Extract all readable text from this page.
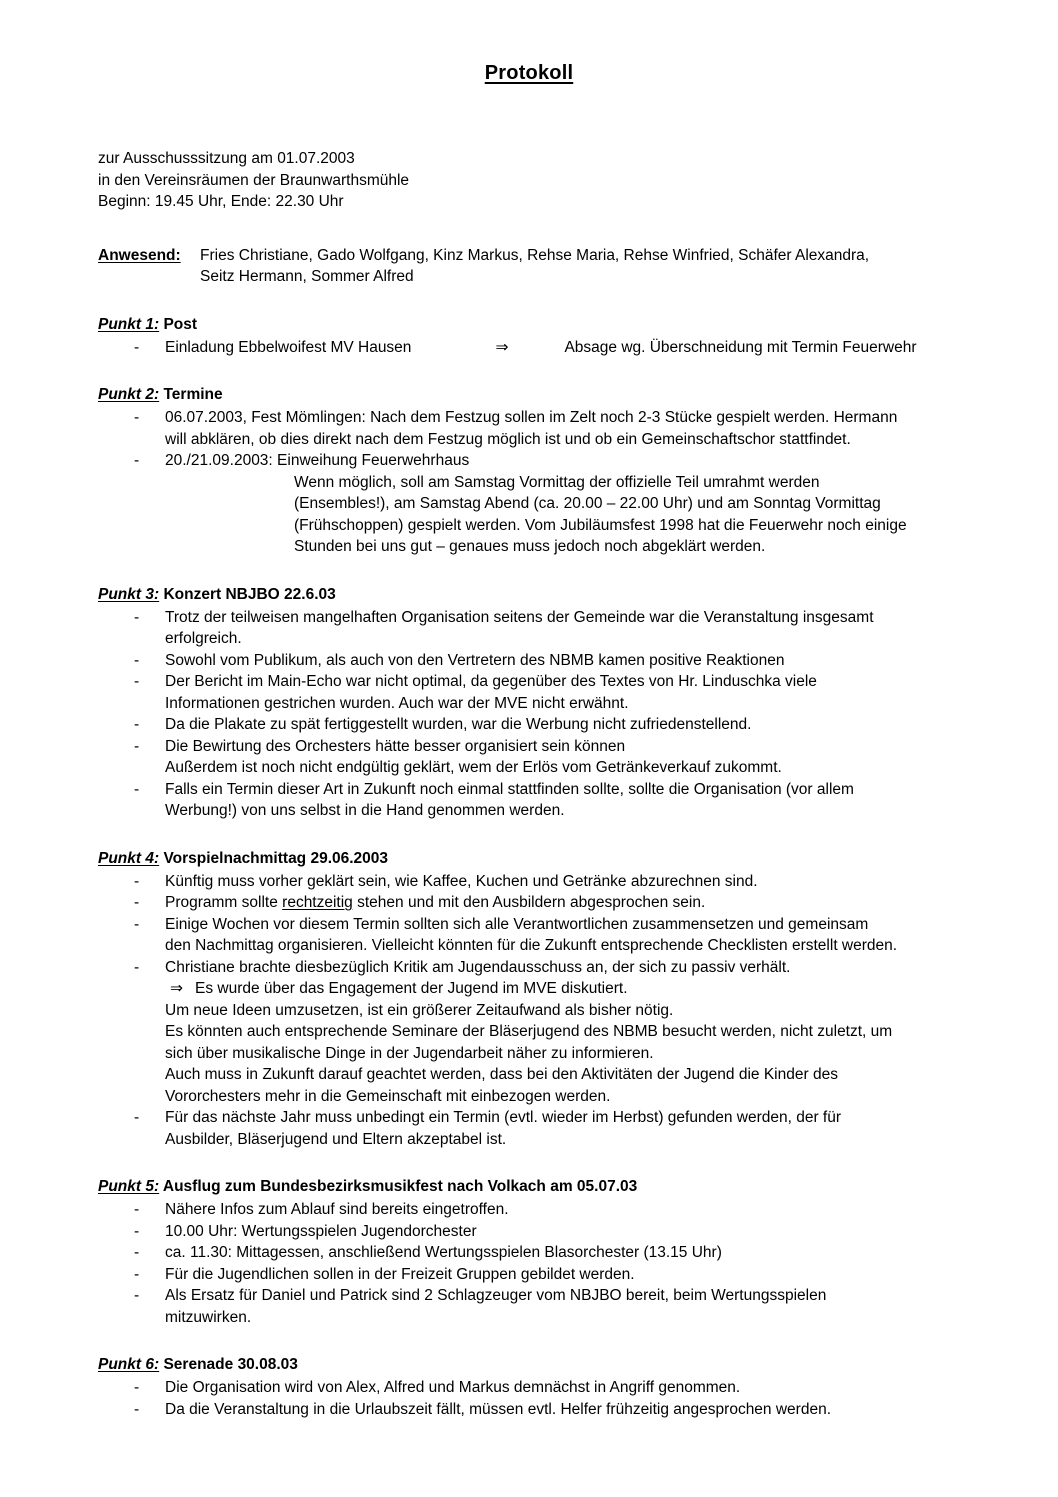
Protokoll
zur Ausschusssitzung am 01.07.2003
in den Vereinsräumen der Braunwarthsmühle
Beginn: 19.45 Uhr, Ende: 22.30 Uhr
Anwesend:	Fries Christiane, Gado Wolfgang, Kinz Markus, Rehse Maria, Rehse Winfried, Schäfer Alexandra,
Seitz Hermann, Sommer Alfred
Punkt 1: Post
- Einladung Ebbelwoifest MV Hausen	⇒	Absage wg. Überschneidung mit Termin Feuerwehr
Punkt 2: Termine
- 06.07.2003, Fest Mömlingen: Nach dem Festzug sollen im Zelt noch 2-3 Stücke gespielt werden. Hermann
will abklären, ob dies direkt nach dem Festzug möglich ist und ob ein Gemeinschaftschor stattfindet.
- 20./21.09.2003: Einweihung Feuerwehrhaus
Wenn möglich, soll am Samstag Vormittag der offizielle Teil umrahmt werden
(Ensembles!), am Samstag Abend (ca. 20.00 – 22.00 Uhr) und am Sonntag Vormittag
(Frühschoppen) gespielt werden. Vom Jubiläumsfest 1998 hat die Feuerwehr noch einige
Stunden bei uns gut – genaues muss jedoch noch abgeklärt werden.
Punkt 3: Konzert NBJBO 22.6.03
- Trotz der teilweisen mangelhaften Organisation seitens der Gemeinde war die Veranstaltung insgesamt
erfolgreich.
- Sowohl vom Publikum, als auch von den Vertretern des NBMB kamen positive Reaktionen
- Der Bericht im Main-Echo war nicht optimal, da gegenüber des Textes von Hr. Linduschka viele
Informationen gestrichen wurden. Auch war der MVE nicht erwähnt.
- Da die Plakate zu spät fertiggestellt wurden, war die Werbung nicht zufriedenstellend.
- Die Bewirtung des Orchesters hätte besser organisiert sein können
Außerdem ist noch nicht endgültig geklärt, wem der Erlös vom Getränkeverkauf zukommt.
- Falls ein Termin dieser Art in Zukunft noch einmal stattfinden sollte, sollte die Organisation (vor allem
Werbung!) von uns selbst in die Hand genommen werden.
Punkt 4: Vorspielnachmittag 29.06.2003
- Künftig muss vorher geklärt sein, wie Kaffee, Kuchen und Getränke abzurechnen sind.
- Programm sollte rechtzeitig stehen und mit den Ausbildern abgesprochen sein.
- Einige Wochen vor diesem Termin sollten sich alle Verantwortlichen zusammensetzen und gemeinsam
den Nachmittag organisieren. Vielleicht könnten für die Zukunft entsprechende Checklisten erstellt werden.
- Christiane brachte diesbezüglich Kritik am Jugendausschuss an, der sich zu passiv verhält.
⇒ Es wurde über das Engagement der Jugend im MVE diskutiert.
Um neue Ideen umzusetzen, ist ein größerer Zeitaufwand als bisher nötig.
Es könnten auch entsprechende Seminare der Bläserjugend des NBMB besucht werden, nicht zuletzt, um
sich über musikalische Dinge in der Jugendarbeit näher zu informieren.
Auch muss in Zukunft darauf geachtet werden, dass bei den Aktivitäten der Jugend die Kinder des
Vororchesters mehr in die Gemeinschaft mit einbezogen werden.
- Für das nächste Jahr muss unbedingt ein Termin (evtl. wieder im Herbst) gefunden werden, der für
Ausbilder, Bläserjugend und Eltern akzeptabel ist.
Punkt 5: Ausflug zum Bundesbezirksmusikfest nach Volkach am 05.07.03
- Nähere Infos zum Ablauf sind bereits eingetroffen.
- 10.00 Uhr: Wertungsspielen Jugendorchester
- ca. 11.30: Mittagessen, anschließend Wertungsspielen Blasorchester (13.15 Uhr)
- Für die Jugendlichen sollen in der Freizeit Gruppen gebildet werden.
- Als Ersatz für Daniel und Patrick sind 2 Schlagzeuger vom NBJBO bereit, beim Wertungsspielen
mitzuwirken.
Punkt 6: Serenade 30.08.03
- Die Organisation wird von Alex, Alfred und Markus demnächst in Angriff genommen.
- Da die Veranstaltung in die Urlaubszeit fällt, müssen evtl. Helfer frühzeitig angesprochen werden.
